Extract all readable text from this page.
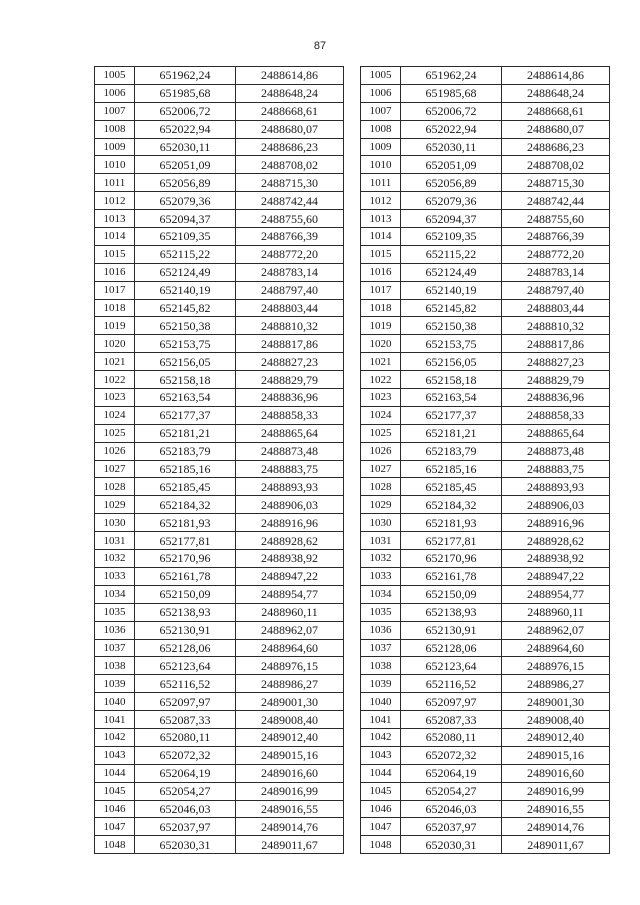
87
1005	651962,24	2488614,86
1006	651985,68	2488648,24
1007	652006,72	2488668,61
1008	652022,94	2488680,07
1009	652030,11	2488686,23
1010	652051,09	2488708,02
1011	652056,89	2488715,30
1012	652079,36	2488742,44
1013	652094,37	2488755,60
1014	652109,35	2488766,39
1015	652115,22	2488772,20
1016	652124,49	2488783,14
1017	652140,19	2488797,40
1018	652145,82	2488803,44
1019	652150,38	2488810,32
1020	652153,75	2488817,86
1021	652156,05	2488827,23
1022	652158,18	2488829,79
1023	652163,54	2488836,96
1024	652177,37	2488858,33
1025	652181,21	2488865,64
1026	652183,79	2488873,48
1027	652185,16	2488883,75
1028	652185,45	2488893,93
1029	652184,32	2488906,03
1030	652181,93	2488916,96
1031	652177,81	2488928,62
1032	652170,96	2488938,92
1033	652161,78	2488947,22
1034	652150,09	2488954,77
1035	652138,93	2488960,11
1036	652130,91	2488962,07
1037	652128,06	2488964,60
1038	652123,64	2488976,15
1039	652116,52	2488986,27
1040	652097,97	2489001,30
1041	652087,33	2489008,40
1042	652080,11	2489012,40
1043	652072,32	2489015,16
1044	652064,19	2489016,60
1045	652054,27	2489016,99
1046	652046,03	2489016,55
1047	652037,97	2489014,76
1048	652030,31	2489011,67
1005	651962,24	2488614,86
1006	651985,68	2488648,24
1007	652006,72	2488668,61
1008	652022,94	2488680,07
1009	652030,11	2488686,23
1010	652051,09	2488708,02
1011	652056,89	2488715,30
1012	652079,36	2488742,44
1013	652094,37	2488755,60
1014	652109,35	2488766,39
1015	652115,22	2488772,20
1016	652124,49	2488783,14
1017	652140,19	2488797,40
1018	652145,82	2488803,44
1019	652150,38	2488810,32
1020	652153,75	2488817,86
1021	652156,05	2488827,23
1022	652158,18	2488829,79
1023	652163,54	2488836,96
1024	652177,37	2488858,33
1025	652181,21	2488865,64
1026	652183,79	2488873,48
1027	652185,16	2488883,75
1028	652185,45	2488893,93
1029	652184,32	2488906,03
1030	652181,93	2488916,96
1031	652177,81	2488928,62
1032	652170,96	2488938,92
1033	652161,78	2488947,22
1034	652150,09	2488954,77
1035	652138,93	2488960,11
1036	652130,91	2488962,07
1037	652128,06	2488964,60
1038	652123,64	2488976,15
1039	652116,52	2488986,27
1040	652097,97	2489001,30
1041	652087,33	2489008,40
1042	652080,11	2489012,40
1043	652072,32	2489015,16
1044	652064,19	2489016,60
1045	652054,27	2489016,99
1046	652046,03	2489016,55
1047	652037,97	2489014,76
1048	652030,31	2489011,67
